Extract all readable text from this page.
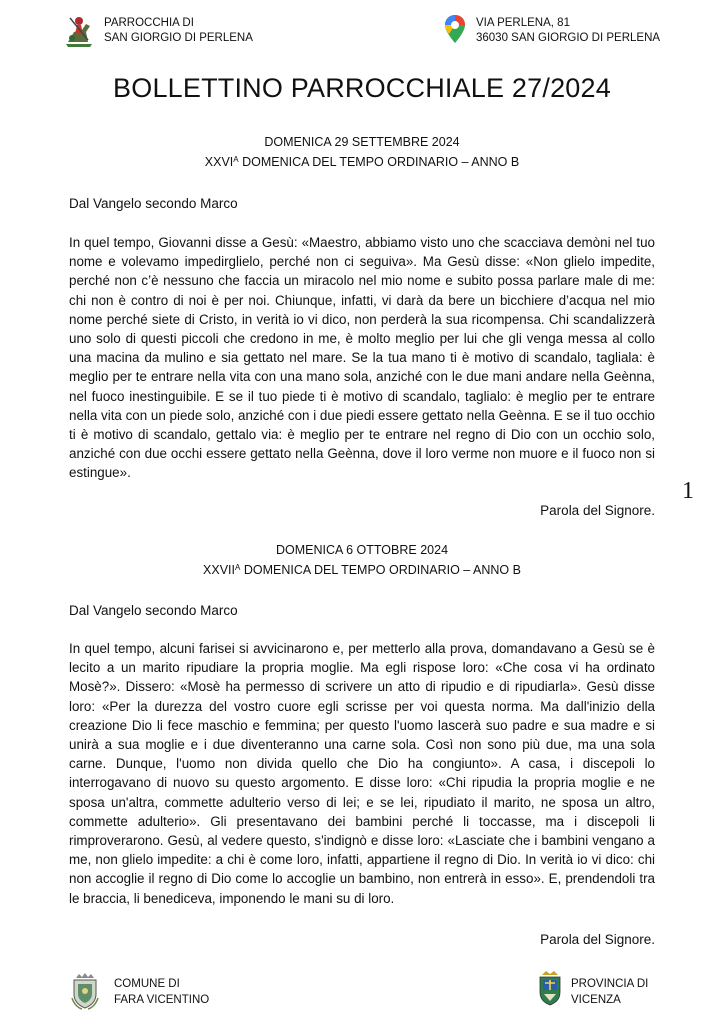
PARROCCHIA DI
SAN GIORGIO DI PERLENA
VIA PERLENA, 81
36030 SAN GIORGIO DI PERLENA
BOLLETTINO PARROCCHIALE 27/2024
DOMENICA 29 SETTEMBRE 2024
$XXVI^A$ DOMENICA DEL TEMPO ORDINARIO – ANNO B
Dal Vangelo secondo Marco
In quel tempo, Giovanni disse a Gesù: «Maestro, abbiamo visto uno che scacciava demòni nel tuo nome e volevamo impedirglielo, perché non ci seguiva». Ma Gesù disse: «Non glielo impedite, perché non c’è nessuno che faccia un miracolo nel mio nome e subito possa parlare male di me: chi non è contro di noi è per noi. Chiunque, infatti, vi darà da bere un bicchiere d’acqua nel mio nome perché siete di Cristo, in verità io vi dico, non perderà la sua ricompensa. Chi scandalizzerà uno solo di questi piccoli che credono in me, è molto meglio per lui che gli venga messa al collo una macina da mulino e sia gettato nel mare. Se la tua mano ti è motivo di scandalo, tagliala: è meglio per te entrare nella vita con una mano sola, anziché con le due mani andare nella Geènna, nel fuoco inestinguibile. E se il tuo piede ti è motivo di scandalo, taglialo: è meglio per te entrare nella vita con un piede solo, anziché con i due piedi essere gettato nella Geènna. E se il tuo occhio ti è motivo di scandalo, gettalo via: è meglio per te entrare nel regno di Dio con un occhio solo, anziché con due occhi essere gettato nella Geènna, dove il loro verme non muore e il fuoco non si estingue».
Parola del Signore.
1
DOMENICA 6 OTTOBRE 2024
$XXVII^A$ DOMENICA DEL TEMPO ORDINARIO – ANNO B
Dal Vangelo secondo Marco
In quel tempo, alcuni farisei si avvicinarono e, per metterlo alla prova, domandavano a Gesù se è lecito a un marito ripudiare la propria moglie. Ma egli rispose loro: «Che cosa vi ha ordinato Mosè?». Dissero: «Mosè ha permesso di scrivere un atto di ripudio e di ripudiarla». Gesù disse loro: «Per la durezza del vostro cuore egli scrisse per voi questa norma. Ma dall'inizio della creazione Dio li fece maschio e femmina; per questo l'uomo lascerà suo padre e sua madre e si unirà a sua moglie e i due diventeranno una carne sola. Così non sono più due, ma una sola carne. Dunque, l'uomo non divida quello che Dio ha congiunto». A casa, i discepoli lo interrogavano di nuovo su questo argomento. E disse loro: «Chi ripudia la propria moglie e ne sposa un'altra, commette adulterio verso di lei; e se lei, ripudiato il marito, ne sposa un altro, commette adulterio». Gli presentavano dei bambini perché li toccasse, ma i discepoli li rimproverarono. Gesù, al vedere questo, s'indignò e disse loro: «Lasciate che i bambini vengano a me, non glielo impedite: a chi è come loro, infatti, appartiene il regno di Dio. In verità io vi dico: chi non accoglie il regno di Dio come lo accoglie un bambino, non entrerà in esso». E, prendendoli tra le braccia, li benediceva, imponendo le mani su di loro.
Parola del Signore.
COMUNE DI
FARA VICENTINO
PROVINCIA DI
VICENZA
